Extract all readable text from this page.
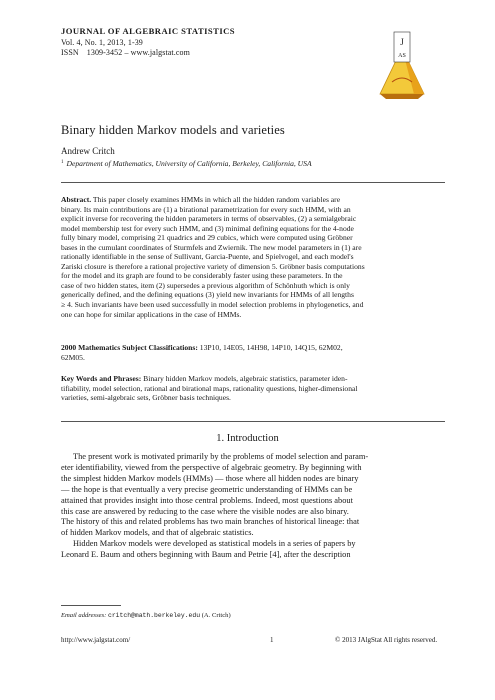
JOURNAL OF ALGEBRAIC STATISTICS
Vol. 4, No. 1, 2013, 1-39
ISSN 1309-3452 – www.jalgstat.com
J
AS
Binary hidden Markov models and varieties
Andrew Critch
$^1$ Department of Mathematics, University of California, Berkeley, California, USA
Abstract. This paper closely examines HMMs in which all the hidden random variables are
binary. Its main contributions are (1) a birational parametrization for every such HMM, with an
explicit inverse for recovering the hidden parameters in terms of observables, (2) a semialgebraic
model membership test for every such HMM, and (3) minimal defining equations for the 4-node
fully binary model, comprising 21 quadrics and 29 cubics, which were computed using Gröbner
bases in the cumulant coordinates of Sturmfels and Zwiernik. The new model parameters in (1) are
rationally identifiable in the sense of Sullivant, Garcia-Puente, and Spielvogel, and each model's
Zariski closure is therefore a rational projective variety of dimension 5. Gröbner basis computations
for the model and its graph are found to be considerably faster using these parameters. In the
case of two hidden states, item (2) supersedes a previous algorithm of Schönhuth which is only
generically defined, and the defining equations (3) yield new invariants for HMMs of all lengths
≥ 4. Such invariants have been used successfully in model selection problems in phylogenetics, and
one can hope for similar applications in the case of HMMs.
2000 Mathematics Subject Classifications: 13P10, 14E05, 14H98, 14P10, 14Q15, 62M02,
62M05.
Key Words and Phrases: Binary hidden Markov models, algebraic statistics, parameter iden-
tifiability, model selection, rational and birational maps, rationality questions, higher-dimensional
varieties, semi-algebraic sets, Gröbner basis techniques.
1. Introduction
The present work is motivated primarily by the problems of model selection and param-
eter identifiability, viewed from the perspective of algebraic geometry. By beginning with
the simplest hidden Markov models (HMMs) — those where all hidden nodes are binary
— the hope is that eventually a very precise geometric understanding of HMMs can be
attained that provides insight into those central problems. Indeed, most questions about
this case are answered by reducing to the case where the visible nodes are also binary.
The history of this and related problems has two main branches of historical lineage: that
of hidden Markov models, and that of algebraic statistics.
Hidden Markov models were developed as statistical models in a series of papers by
Leonard E. Baum and others beginning with Baum and Petrie [4], after the description
Email addresses: critch@math.berkeley.edu (A. Critch)
http://www.jalgstat.com/	1	© 2013 JAlgStat All rights reserved.
